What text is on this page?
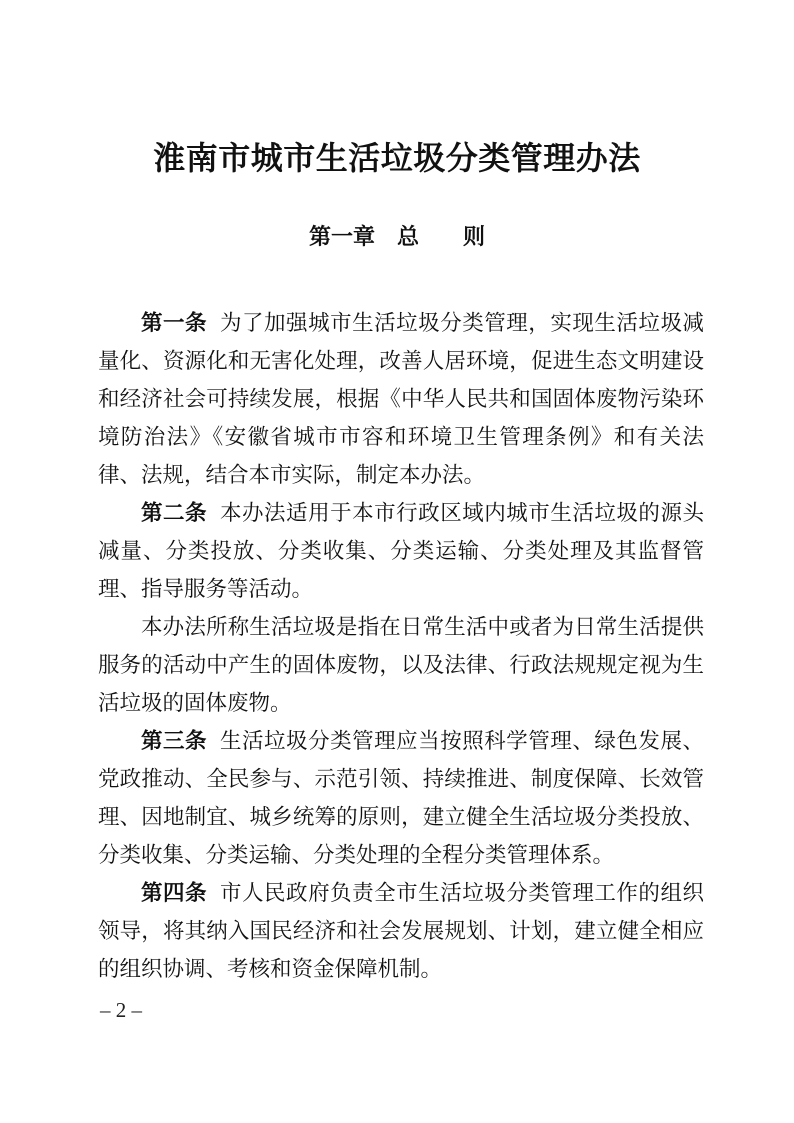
淮南市城市生活垃圾分类管理办法
第一章　总　　则

第一条 为了加强城市生活垃圾分类管理，实现生活垃圾减量化、资源化和无害化处理，改善人居环境，促进生态文明建设和经济社会可持续发展，根据《中华人民共和国固体废物污染环境防治法》《安徽省城市市容和环境卫生管理条例》和有关法律、法规，结合本市实际，制定本办法。

第二条 本办法适用于本市行政区域内城市生活垃圾的源头减量、分类投放、分类收集、分类运输、分类处理及其监督管理、指导服务等活动。

本办法所称生活垃圾是指在日常生活中或者为日常生活提供服务的活动中产生的固体废物，以及法律、行政法规规定视为生活垃圾的固体废物。

第三条 生活垃圾分类管理应当按照科学管理、绿色发展、党政推动、全民参与、示范引领、持续推进、制度保障、长效管理、因地制宜、城乡统筹的原则，建立健全生活垃圾分类投放、分类收集、分类运输、分类处理的全程分类管理体系。

第四条 市人民政府负责全市生活垃圾分类管理工作的组织领导，将其纳入国民经济和社会发展规划、计划，建立健全相应的组织协调、考核和资金保障机制。

– 2 –
